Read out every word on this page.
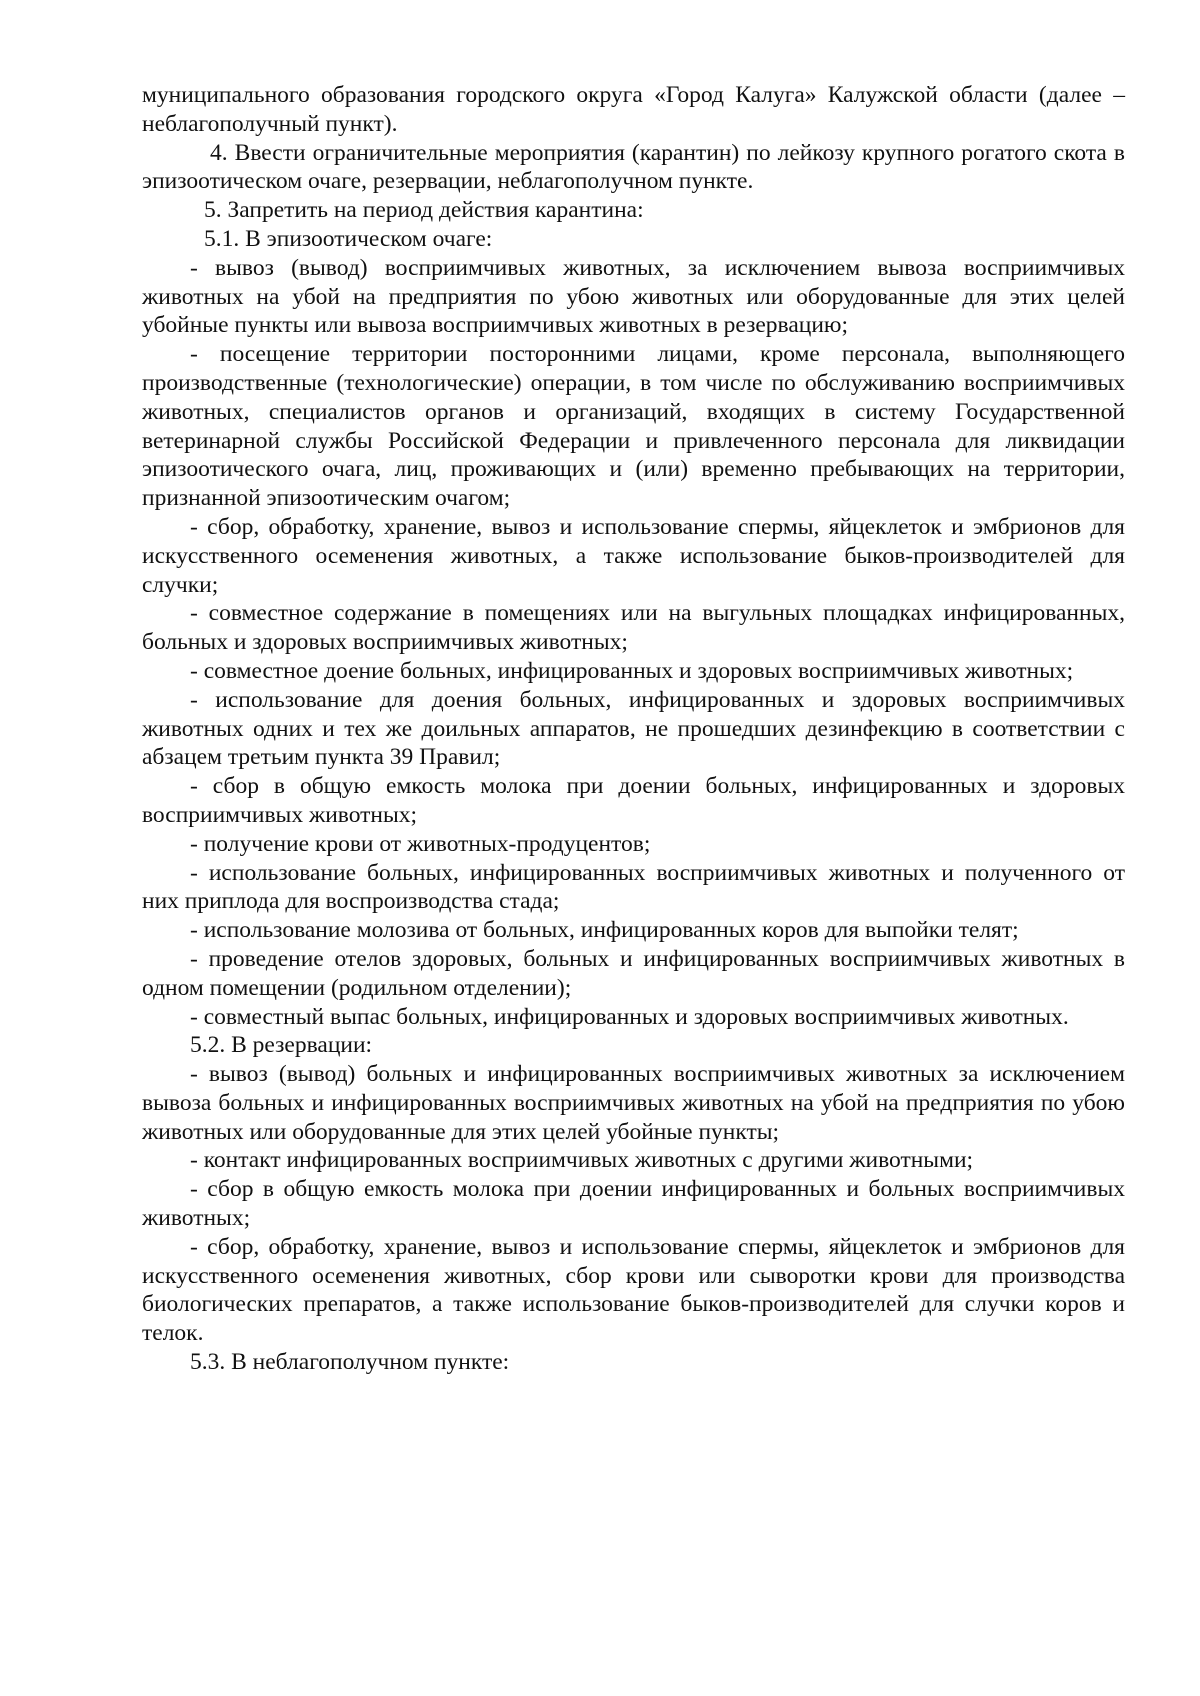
муниципального образования городского округа «Город Калуга» Калужской области (далее – неблагополучный пункт).

4. Ввести ограничительные мероприятия (карантин) по лейкозу крупного рогатого скота в эпизоотическом очаге, резервации, неблагополучном пункте.

5. Запретить на период действия карантина:

5.1. В эпизоотическом очаге:

- вывоз (вывод) восприимчивых животных, за исключением вывоза восприимчивых животных на убой на предприятия по убою животных или оборудованные для этих целей убойные пункты или вывоза восприимчивых животных в резервацию;

- посещение территории посторонними лицами, кроме персонала, выполняющего производственные (технологические) операции, в том числе по обслуживанию восприимчивых животных, специалистов органов и организаций, входящих в систему Государственной ветеринарной службы Российской Федерации и привлеченного персонала для ликвидации эпизоотического очага, лиц, проживающих и (или) временно пребывающих на территории, признанной эпизоотическим очагом;

- сбор, обработку, хранение, вывоз и использование спермы, яйцеклеток и эмбрионов для искусственного осеменения животных, а также использование быков-производителей для случки;

- совместное содержание в помещениях или на выгульных площадках инфицированных, больных и здоровых восприимчивых животных;

- совместное доение больных, инфицированных и здоровых восприимчивых животных;

- использование для доения больных, инфицированных и здоровых восприимчивых животных одних и тех же доильных аппаратов, не прошедших дезинфекцию в соответствии с абзацем третьим пункта 39 Правил;

- сбор в общую емкость молока при доении больных, инфицированных и здоровых восприимчивых животных;

- получение крови от животных-продуцентов;

- использование больных, инфицированных восприимчивых животных и полученного от них приплода для воспроизводства стада;

- использование молозива от больных, инфицированных коров для выпойки телят;

- проведение отелов здоровых, больных и инфицированных восприимчивых животных в одном помещении (родильном отделении);

- совместный выпас больных, инфицированных и здоровых восприимчивых животных.

5.2. В резервации:

- вывоз (вывод) больных и инфицированных восприимчивых животных за исключением вывоза больных и инфицированных восприимчивых животных на убой на предприятия по убою животных или оборудованные для этих целей убойные пункты;

- контакт инфицированных восприимчивых животных с другими животными;

- сбор в общую емкость молока при доении инфицированных и больных восприимчивых животных;

- сбор, обработку, хранение, вывоз и использование спермы, яйцеклеток и эмбрионов для искусственного осеменения животных, сбор крови или сыворотки крови для производства биологических препаратов, а также использование быков-производителей для случки коров и телок.

5.3. В неблагополучном пункте:
